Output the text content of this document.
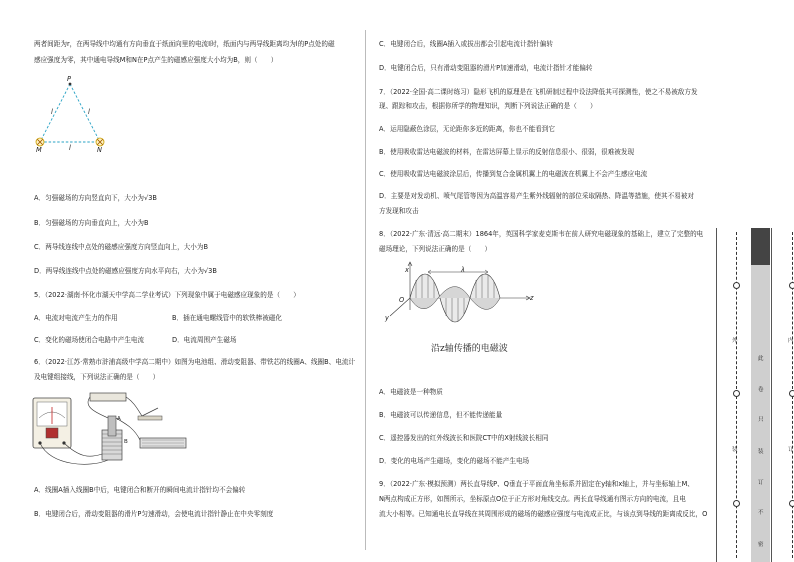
两者间距为r，在两导线中均通有方向垂直于纸面向里的电流I时，纸面内与两导线距离均为l的P点处的磁
感应强度为零，其中通电导线M和N在P点产生的磁感应强度大小均为B，则（　　）
P
M	N
l	l
l
A．匀强磁场的方向竖直向下，大小为√3B
B．匀强磁场的方向垂直向上，大小为B
C．两导线连线中点处的磁感应强度方向竖直向上，大小为B
D．两导线连线中点处的磁感应强度方向水平向右，大小为√3B
5．（2022·湖南·怀化市湖天中学高二学业考试）下列现象中属于电磁感应现象的是（　　）
A．电流对电流产生力的作用	B．插在通电螺线管中的软铁棒被磁化
C．变化的磁场使闭合电路中产生电流	D．电流周围产生磁场
6．（2022·江苏·常熟市浒浦高级中学高二期中）如图为电池组、滑动变阻器、带铁芯的线圈A、线圈B、电流计
及电键组接线，下列说法正确的是（　　）
A
B
A．线圈A插入线圈B中后，电键闭合和断开的瞬间电流计指针均不会偏转
B．电键闭合后，滑动变阻器的滑片P匀速滑动，会使电流计指针静止在中央零刻度
C．电键闭合后，线圈A插入或拔出都会引起电流计指针偏转
D．电键闭合后，只有滑动变阻器的滑片P加速滑动，电流计指针才能偏转
7．（2022·全国·高二课时练习）隐形飞机的原理是在飞机研制过程中设法降低其可探测性，使之不易被敌方发
现、跟踪和攻击，根据你所学的物理知识，判断下列说法正确的是（　　）
A．运用隐蔽色涂层，无论距你多近的距离，你也不能看到它
B．使用吸收雷达电磁波的材料，在雷达屏幕上显示的反射信息很小、很弱，很难被发现
C．使用吸收雷达电磁波涂层后，传播到复合金属机翼上的电磁波在机翼上不会产生感应电流
D．主要是对发动机、喷气尾管等因为高温容易产生紫外线辐射的部位采取隔热、降温等措施，使其不易被对
方发现和攻击
8．（2022·广东·清远·高二期末）1864年，英国科学家麦克斯韦在前人研究电磁现象的基础上，建立了完整的电
磁场理论，下列说法正确的是（　　）
x	λ
O
y
z
沿z轴传播的电磁波
A．电磁波是一种物质
B．电磁波可以传递信息，但不能传递能量
C．遥控器发出的红外线波长和医院CT中的X射线波长相同
D．变化的电场产生磁场，变化的磁场不能产生电场
9．（2022·广东·模拟预测）两长直导线P、Q垂直于平面直角坐标系并固定在y轴和x轴上，并与坐标轴上M、
N两点构成正方形，如图所示，坐标原点O位于正方形对角线交点。两长直导线通有图示方向的电流，且电
流大小相等。已知通电长直导线在其周围形成的磁场的磁感应强度与电流成正比，与该点到导线的距离成反比，O
外	内
装	订
此
卷
只
装
订
不
密
